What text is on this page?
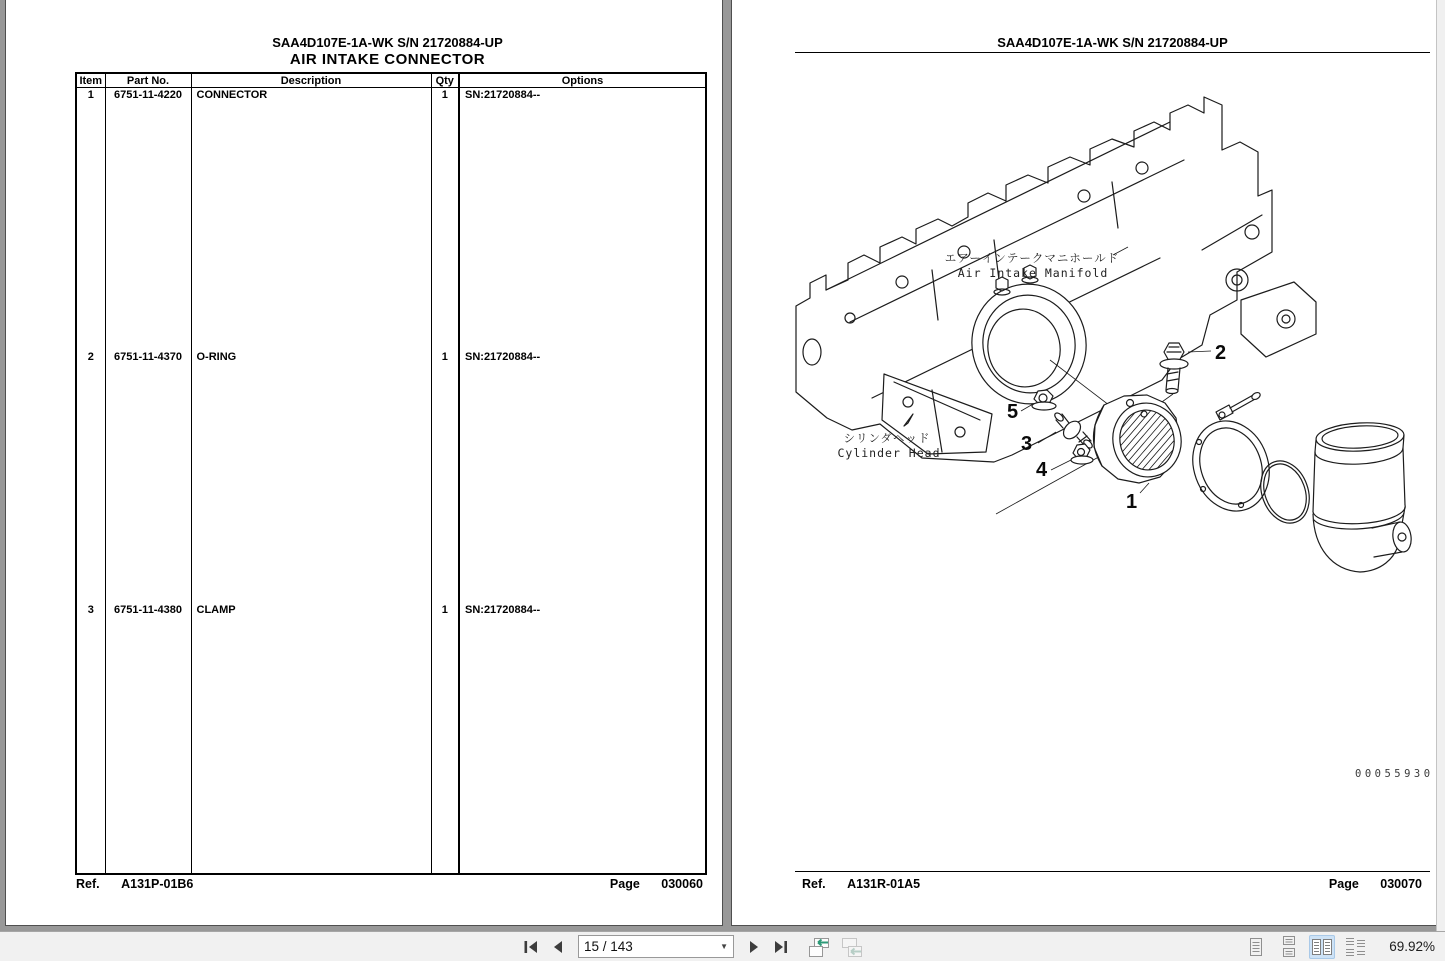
SAA4D107E-1A-WK S/N 21720884-UP
AIR INTAKE CONNECTOR
Item	Part No.	Description	Qty	Options
1	6751-11-4220	CONNECTOR	1	SN:21720884--
2	6751-11-4370	O-RING	1	SN:21720884--
3	6751-11-4380	CLAMP	1	SN:21720884--

Ref. A131P-01B6	Page 030060
SAA4D107E-1A-WK S/N 21720884-UP
エアーインテークマニホールド
Air Intake Manifold
シリンダヘッド
Cylinder Head
2
5
3
4
1
00055930
Ref. A131R-01A5	Page 030070
15 / 143
▼	69.92%
